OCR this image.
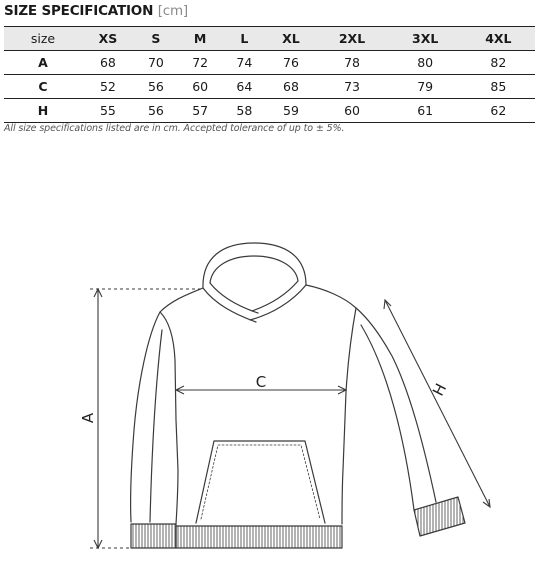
SIZE SPECIFICATION [cm]
size	XS	S	M	L	XL	2XL	3XL	4XL
A	68	70	72	74	76	78	80	82
C	52	56	60	64	68	73	79	85
H	55	56	57	58	59	60	61	62
All size specifications listed are in cm. Accepted tolerance of up to ± 5%.
A
C	H
